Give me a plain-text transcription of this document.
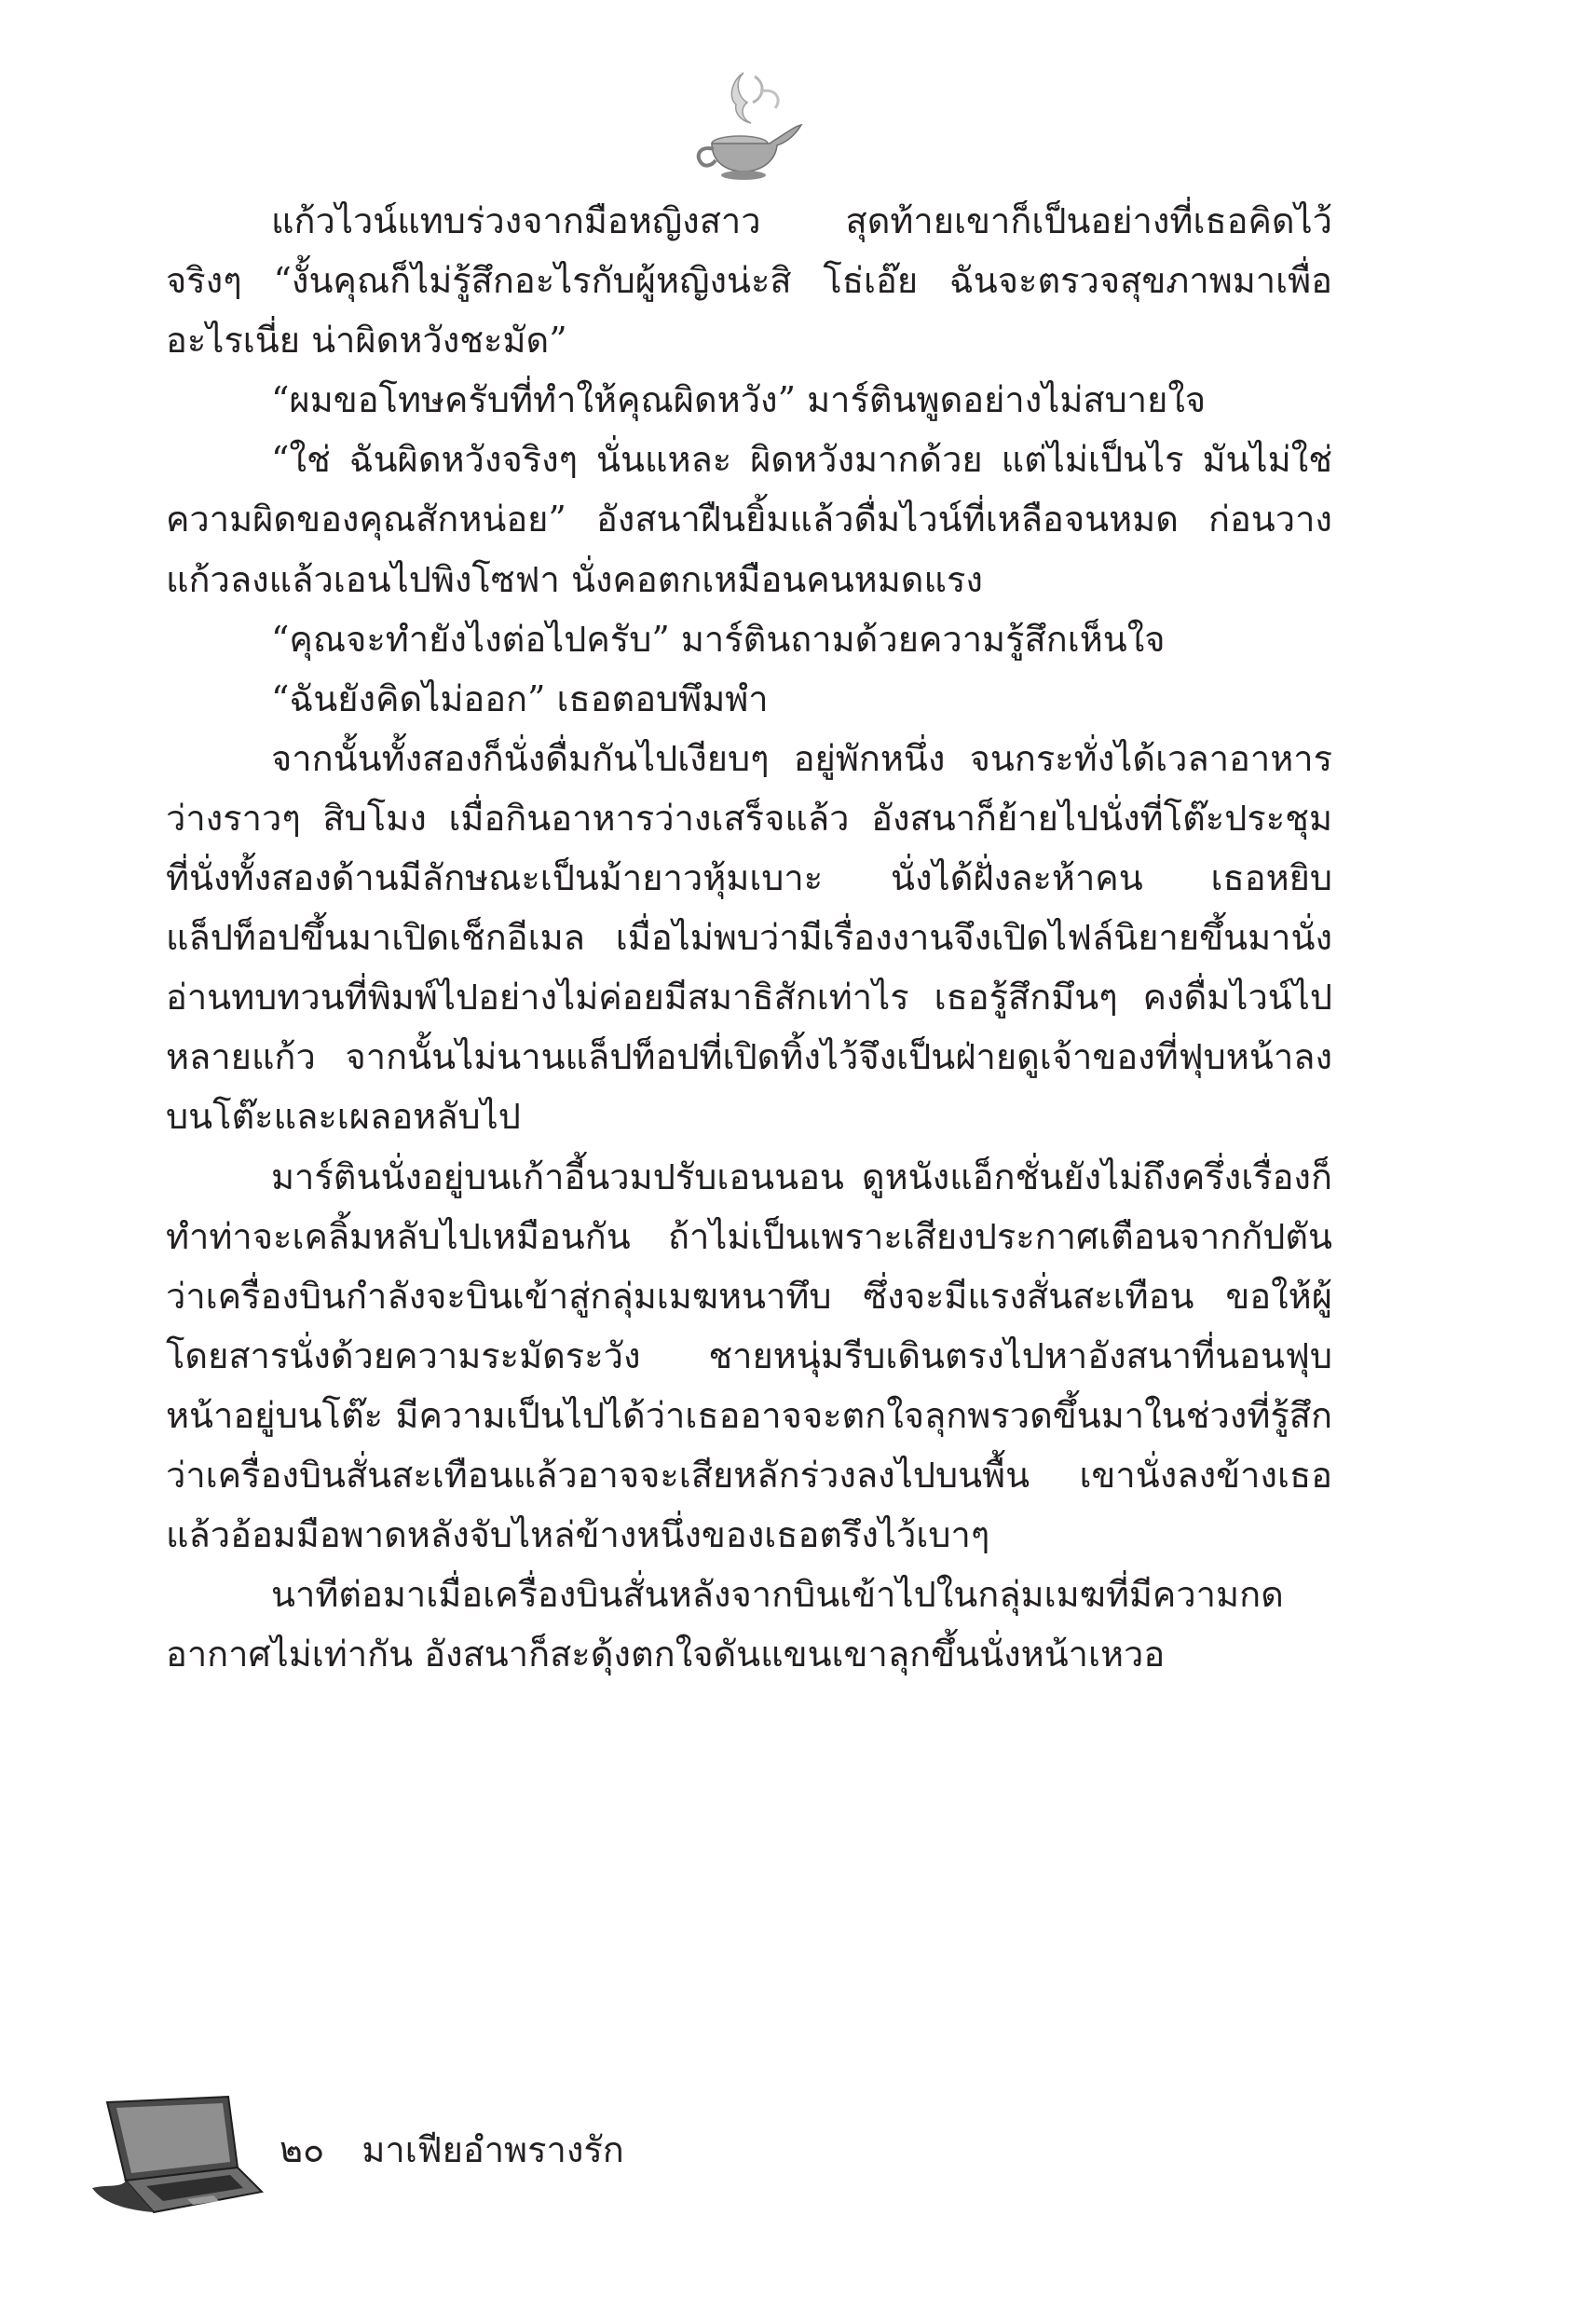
แก้วไวน์แทบร่วงจากมือหญิงสาว สุดท้ายเขาก็เป็นอย่างที่เธอคิดไว้จริงๆ “งั้นคุณก็ไม่รู้สึกอะไรกับผู้หญิงน่ะสิ โธ่เอ๊ย ฉันจะตรวจสุขภาพมาเพื่ออะไรเนี่ย น่าผิดหวังชะมัด”

“ผมขอโทษครับที่ทำให้คุณผิดหวัง” มาร์ตินพูดอย่างไม่สบายใจ

“ใช่ ฉันผิดหวังจริงๆ นั่นแหละ ผิดหวังมากด้วย แต่ไม่เป็นไร มันไม่ใช่ความผิดของคุณสักหน่อย” อังสนาฝืนยิ้มแล้วดื่มไวน์ที่เหลือจนหมด ก่อนวางแก้วลงแล้วเอนไปพิงโซฟา นั่งคอตกเหมือนคนหมดแรง

“คุณจะทำยังไงต่อไปครับ” มาร์ตินถามด้วยความรู้สึกเห็นใจ

“ฉันยังคิดไม่ออก” เธอตอบพึมพำ

จากนั้นทั้งสองก็นั่งดื่มกันไปเงียบๆ อยู่พักหนึ่ง จนกระทั่งได้เวลาอาหารว่างราวๆ สิบโมง เมื่อกินอาหารว่างเสร็จแล้ว อังสนาก็ย้ายไปนั่งที่โต๊ะประชุม ที่นั่งทั้งสองด้านมีลักษณะเป็นม้ายาวหุ้มเบาะ นั่งได้ฝั่งละห้าคน เธอหยิบแล็ปท็อปขึ้นมาเปิดเช็กอีเมล เมื่อไม่พบว่ามีเรื่องงานจึงเปิดไฟล์นิยายขึ้นมานั่งอ่านทบทวนที่พิมพ์ไปอย่างไม่ค่อยมีสมาธิสักเท่าไร เธอรู้สึกมึนๆ คงดื่มไวน์ไปหลายแก้ว จากนั้นไม่นานแล็ปท็อปที่เปิดทิ้งไว้จึงเป็นฝ่ายดูเจ้าของที่ฟุบหน้าลงบนโต๊ะและเผลอหลับไป

มาร์ตินนั่งอยู่บนเก้าอี้นวมปรับเอนนอน ดูหนังแอ็กชั่นยังไม่ถึงครึ่งเรื่องก็ทำท่าจะเคลิ้มหลับไปเหมือนกัน ถ้าไม่เป็นเพราะเสียงประกาศเตือนจากกัปตันว่าเครื่องบินกำลังจะบินเข้าสู่กลุ่มเมฆหนาทึบ ซึ่งจะมีแรงสั่นสะเทือน ขอให้ผู้โดยสารนั่งด้วยความระมัดระวัง ชายหนุ่มรีบเดินตรงไปหาอังสนาที่นอนฟุบหน้าอยู่บนโต๊ะ มีความเป็นไปได้ว่าเธออาจจะตกใจลุกพรวดขึ้นมาในช่วงที่รู้สึกว่าเครื่องบินสั่นสะเทือนแล้วอาจจะเสียหลักร่วงลงไปบนพื้น เขานั่งลงข้างเธอแล้วอ้อมมือพาดหลังจับไหล่ข้างหนึ่งของเธอตรึงไว้เบาๆ

นาทีต่อมาเมื่อเครื่องบินสั่นหลังจากบินเข้าไปในกลุ่มเมฆที่มีความกดอากาศไม่เท่ากัน อังสนาก็สะดุ้งตกใจดันแขนเขาลุกขึ้นนั่งหน้าเหวอ

๒๐ มาเฟียอำพรางรัก
